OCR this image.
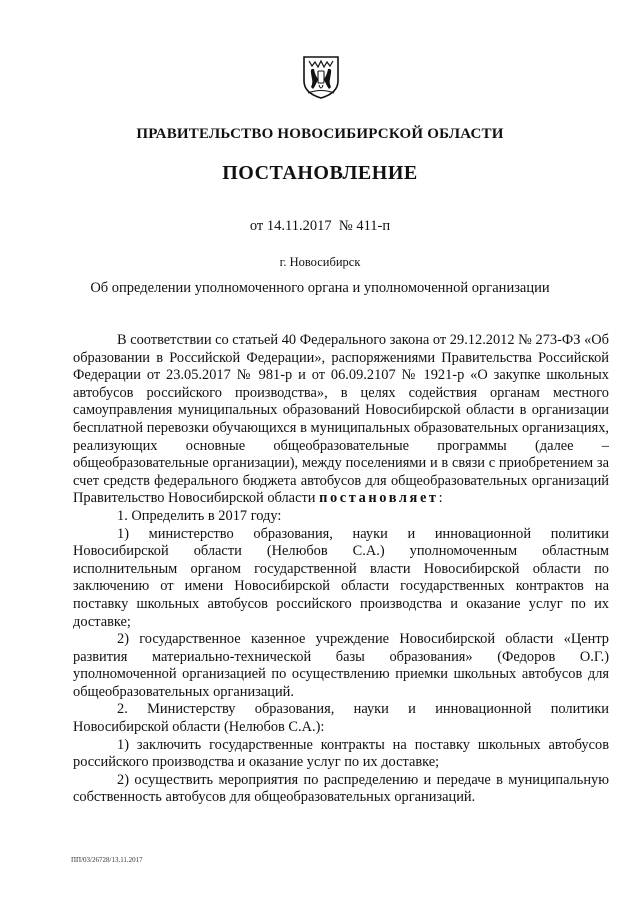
ПРАВИТЕЛЬСТВО НОВОСИБИРСКОЙ ОБЛАСТИ
ПОСТАНОВЛЕНИЕ
от 14.11.2017  № 411-п
г. Новосибирск
Об определении уполномоченного органа и уполномоченной организации

В соответствии со статьей 40 Федерального закона от 29.12.2012 № 273-ФЗ «Об образовании в Российской Федерации», распоряжениями Правительства Российской Федерации от 23.05.2017 № 981-р и от 06.09.2107 № 1921-р «О закупке школьных автобусов российского производства», в целях содействия органам местного самоуправления муниципальных образований Новосибирской области в организации бесплатной перевозки обучающихся в муниципальных образовательных организациях, реализующих основные общеобразовательные программы (далее – общеобразовательные организации), между поселениями и в связи с приобретением за счет средств федерального бюджета автобусов для общеобразовательных организаций Правительство Новосибирской области постановляет:

1. Определить в 2017 году:

1) министерство образования, науки и инновационной политики Новосибирской области (Нелюбов С.А.) уполномоченным областным исполнительным органом государственной власти Новосибирской области по заключению от имени Новосибирской области государственных контрактов на поставку школьных автобусов российского производства и оказание услуг по их доставке;

2) государственное казенное учреждение Новосибирской области «Центр развития материально-технической базы образования» (Федоров О.Г.) уполномоченной организацией по осуществлению приемки школьных автобусов для общеобразовательных организаций.

2. Министерству образования, науки и инновационной политики Новосибирской области (Нелюбов С.А.):

1) заключить государственные контракты на поставку школьных автобусов российского производства и оказание услуг по их доставке;

2) осуществить мероприятия по распределению и передаче в муниципальную собственность автобусов для общеобразовательных организаций.

ПП/03/26728/13.11.2017
